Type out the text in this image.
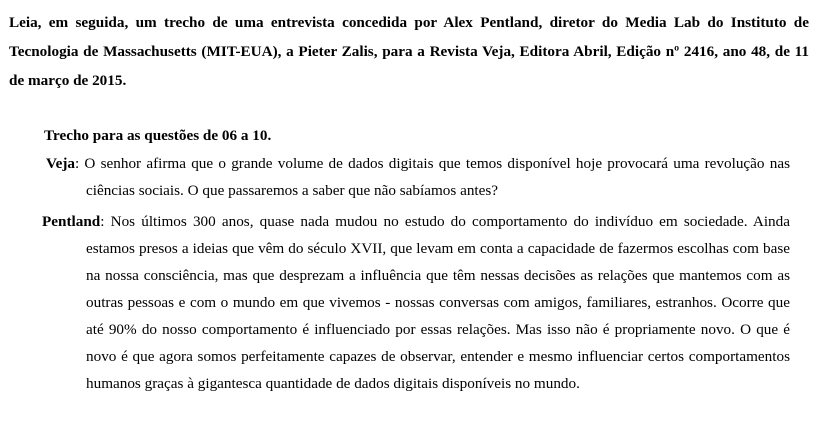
Leia, em seguida, um trecho de uma entrevista concedida por Alex Pentland, diretor do Media Lab do Instituto de Tecnologia de Massachusetts (MIT-EUA), a Pieter Zalis, para a Revista Veja, Editora Abril, Edição nº 2416, ano 48, de 11 de março de 2015.

Trecho para as questões de 06 a 10.

Veja: O senhor afirma que o grande volume de dados digitais que temos disponível hoje provocará uma revolução nas ciências sociais. O que passaremos a saber que não sabíamos antes?

Pentland: Nos últimos 300 anos, quase nada mudou no estudo do comportamento do indivíduo em sociedade. Ainda estamos presos a ideias que vêm do século XVII, que levam em conta a capacidade de fazermos escolhas com base na nossa consciência, mas que desprezam a influência que têm nessas decisões as relações que mantemos com as outras pessoas e com o mundo em que vivemos - nossas conversas com amigos, familiares, estranhos. Ocorre que até 90% do nosso comportamento é influenciado por essas relações. Mas isso não é propriamente novo. O que é novo é que agora somos perfeitamente capazes de observar, entender e mesmo influenciar certos comportamentos humanos graças à gigantesca quantidade de dados digitais disponíveis no mundo.
